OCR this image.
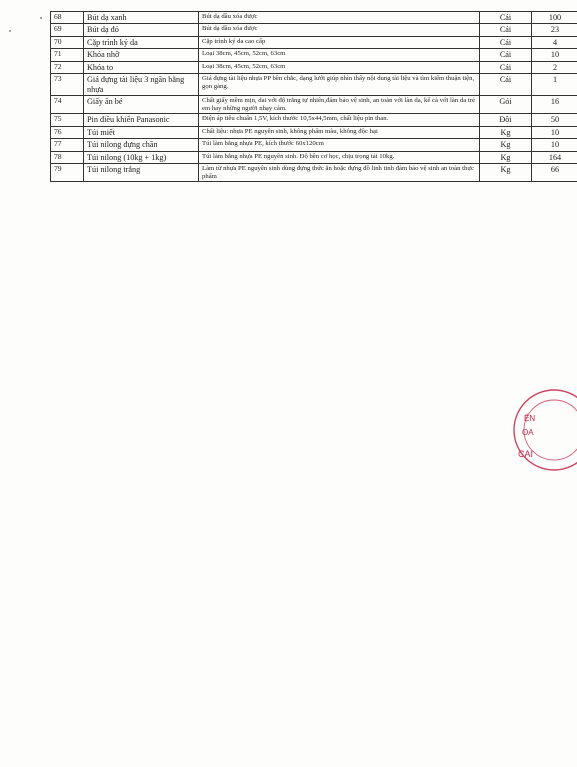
68	Bút dạ xanh	Bút dạ dầu xóa được	Cái	100
69	Bút dạ đỏ	Bút dạ dầu xóa được	Cái	23
70	Cặp trình ký da	Cặp trình ký da cao cấp	Cái	4
71	Khóa nhỡ	Loại 38cm, 45cm, 52cm, 63cm	Cái	10
72	Khóa to	Loại 38cm, 45cm, 52cm, 63cm	Cái	2
73	Giá đựng tài liệu 3 ngăn bằng nhựa	Giá đựng tài liệu nhựa PP bền chắc, dạng lưới giúp nhìn thấy nội dung tài liệu và tìm kiếm thuận tiện, gọn gàng.	Cái	1
74	Giấy ăn bé	Chất giấy mềm mịn, dai với độ trắng tự nhiên,đảm bảo vệ sinh, an toàn với làn da, kể cả với làn da trẻ em hay những người nhạy cảm.	Gói	16
75	Pin điều khiển Panasonic	Điện áp tiêu chuẩn 1,5V, kích thước 10,5x44,5mm, chất liệu pin than.	Đôi	50
76	Túi miết	Chất liệu: nhựa PE nguyên sinh, không phẩm màu, không độc hại	Kg	10
77	Túi nilong đựng chăn	Túi làm bằng nhựa PE, kích thước 60x120cm	Kg	10
78	Túi nilong (10kg + 1kg)	Túi làm bằng nhựa PE nguyên sinh. Độ bền cơ học, chịu trọng tải 10kg.	Kg	164
79	Túi nilong trắng	Làm từ nhựa PE nguyên sinh dùng đựng thức ăn hoặc đựng đồ linh tinh đảm bảo vệ sinh an toàn thực phẩm	Kg	66
ỆN
OA
CAI
